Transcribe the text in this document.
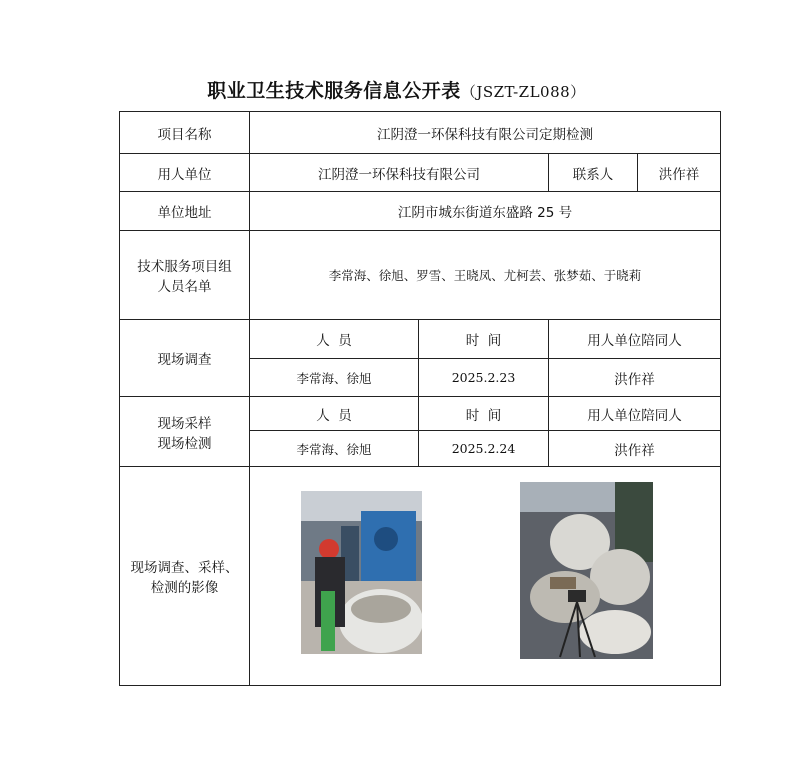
职业卫生技术服务信息公开表（JSZT-ZL088）
项目名称	江阴澄一环保科技有限公司定期检测			
用人单位	江阴澄一环保科技有限公司		联系人	洪作祥
单位地址	江阴市城东街道东盛路 25 号			

技术服务项目组
人员名单	李常海、徐旭、罗雪、王晓凤、尤柯芸、张梦茹、于晓莉			
现场调查	人  员	时  间	用人单位陪同人	
	李常海、徐旭	2025.2.23	洪作祥	

现场采样
现场检测	人  员	时  间	用人单位陪同人	
	李常海、徐旭	2025.2.24	洪作祥	

现场调查、采样、
检测的影像
